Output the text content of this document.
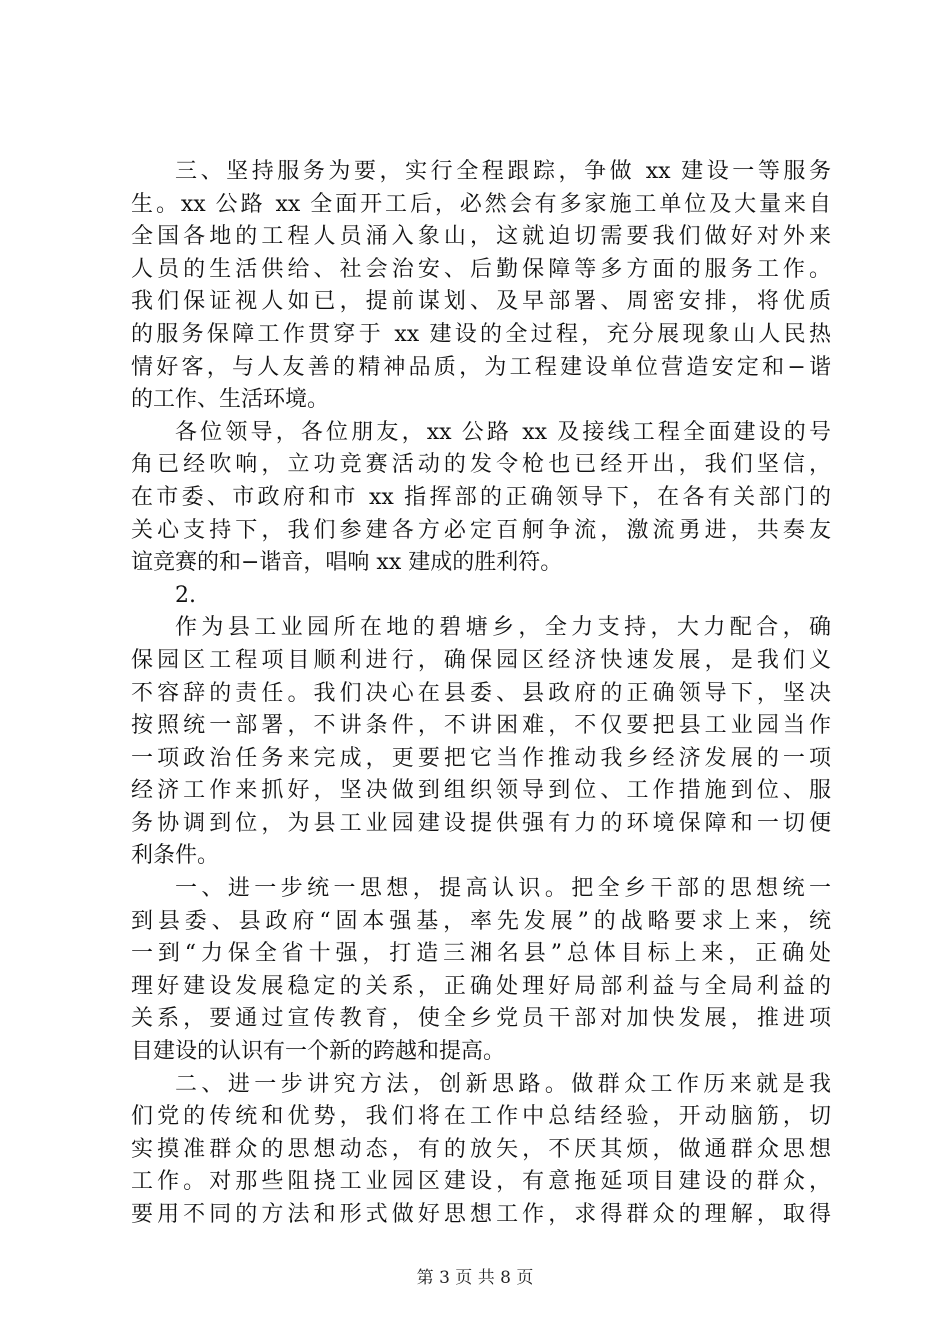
三、坚持服务为要，实行全程跟踪，争做 xx 建设一等服务
生。xx 公路 xx 全面开工后，必然会有多家施工单位及大量来自
全国各地的工程人员涌入象山，这就迫切需要我们做好对外来
人员的生活供给、社会治安、后勤保障等多方面的服务工作。
我们保证视人如已，提前谋划、及早部署、周密安排，将优质
的服务保障工作贯穿于 xx 建设的全过程，充分展现象山人民热
情好客，与人友善的精神品质，为工程建设单位营造安定和−谐
的工作、生活环境。
各位领导，各位朋友，xx 公路 xx 及接线工程全面建设的号
角已经吹响，立功竞赛活动的发令枪也已经开出，我们坚信，
在市委、市政府和市 xx 指挥部的正确领导下，在各有关部门的
关心支持下，我们参建各方必定百舸争流，激流勇进，共奏友
谊竞赛的和−谐音，唱响 xx 建成的胜利符。
2.
作为县工业园所在地的碧塘乡，全力支持，大力配合，确
保园区工程项目顺利进行，确保园区经济快速发展，是我们义
不容辞的责任。我们决心在县委、县政府的正确领导下，坚决
按照统一部署，不讲条件，不讲困难，不仅要把县工业园当作
一项政治任务来完成，更要把它当作推动我乡经济发展的一项
经济工作来抓好，坚决做到组织领导到位、工作措施到位、服
务协调到位，为县工业园建设提供强有力的环境保障和一切便
利条件。
一、进一步统一思想，提高认识。把全乡干部的思想统一
到县委、县政府“固本强基，率先发展”的战略要求上来，统
一到“力保全省十强，打造三湘名县”总体目标上来，正确处
理好建设发展稳定的关系，正确处理好局部利益与全局利益的
关系，要通过宣传教育，使全乡党员干部对加快发展，推进项
目建设的认识有一个新的跨越和提高。
二、进一步讲究方法，创新思路。做群众工作历来就是我
们党的传统和优势，我们将在工作中总结经验，开动脑筋，切
实摸准群众的思想动态，有的放矢，不厌其烦，做通群众思想
工作。对那些阻挠工业园区建设，有意拖延项目建设的群众，
要用不同的方法和形式做好思想工作，求得群众的理解，取得
第 3 页 共 8 页
